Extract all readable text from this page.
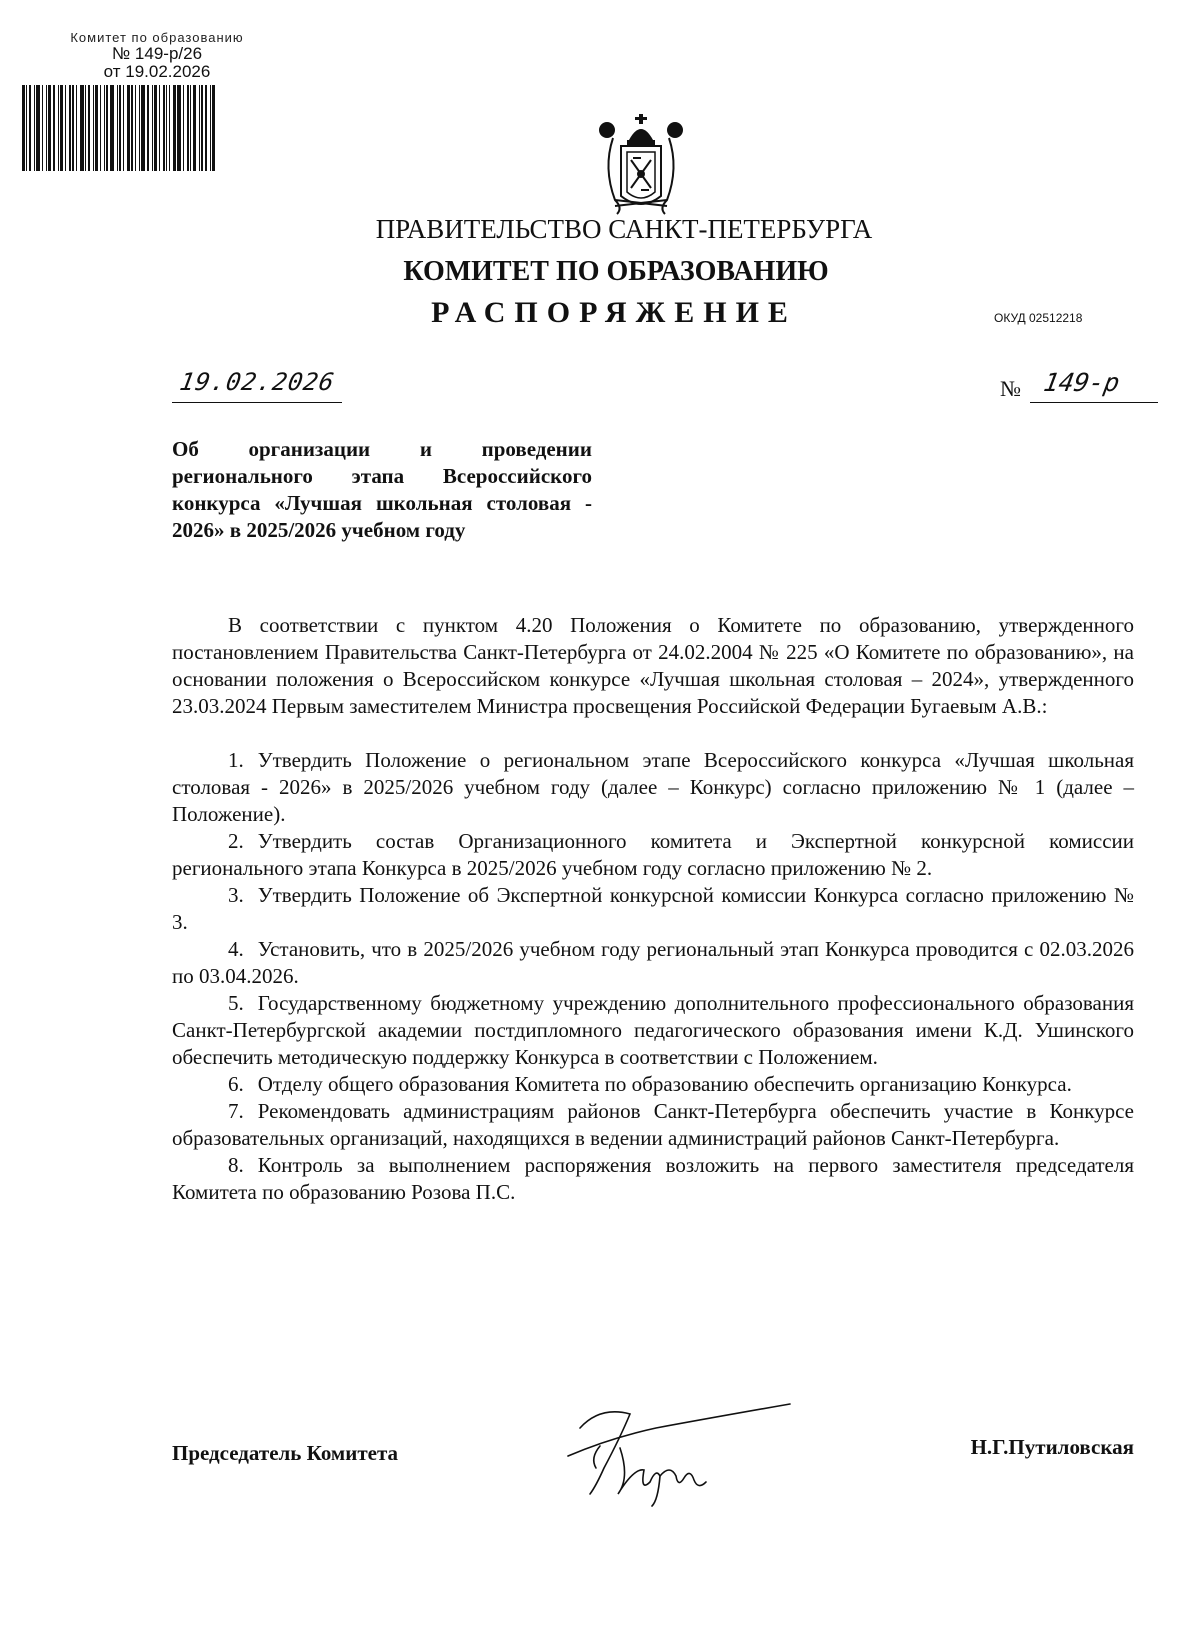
Комитет по образованию
№ 149-р/26
от 19.02.2026
ПРАВИТЕЛЬСТВО САНКТ-ПЕТЕРБУРГА
КОМИТЕТ ПО ОБРАЗОВАНИЮ
РАСПОРЯЖЕНИЕ	ОКУД 02512218
19.02.2026	№ 149-р
Об организации и проведении регионального этапа Всероссийского конкурса «Лучшая школьная столовая - 2026» в 2025/2026 учебном году

В соответствии с пунктом 4.20 Положения о Комитете по образованию, утвержденного постановлением Правительства Санкт-Петербурга от 24.02.2004 № 225 «О Комитете по образованию», на основании положения о Всероссийском конкурсе «Лучшая школьная столовая – 2024», утвержденного 23.03.2024 Первым заместителем Министра просвещения Российской Федерации Бугаевым А.В.:

1. Утвердить Положение о региональном этапе Всероссийского конкурса «Лучшая школьная столовая - 2026» в 2025/2026 учебном году (далее – Конкурс) согласно приложению № 1 (далее – Положение).

2. Утвердить состав Организационного комитета и Экспертной конкурсной комиссии регионального этапа Конкурса в 2025/2026 учебном году согласно приложению № 2.

3. Утвердить Положение об Экспертной конкурсной комиссии Конкурса согласно приложению № 3.

4. Установить, что в 2025/2026 учебном году региональный этап Конкурса проводится с 02.03.2026 по 03.04.2026.

5. Государственному бюджетному учреждению дополнительного профессионального образования Санкт-Петербургской академии постдипломного педагогического образования имени К.Д. Ушинского обеспечить методическую поддержку Конкурса в соответствии с Положением.

6. Отделу общего образования Комитета по образованию обеспечить организацию Конкурса.

7. Рекомендовать администрациям районов Санкт-Петербурга обеспечить участие в Конкурсе образовательных организаций, находящихся в ведении администраций районов Санкт-Петербурга.

8. Контроль за выполнением распоряжения возложить на первого заместителя председателя Комитета по образованию Розова П.С.

Председатель Комитета	Н.Г.Путиловская
